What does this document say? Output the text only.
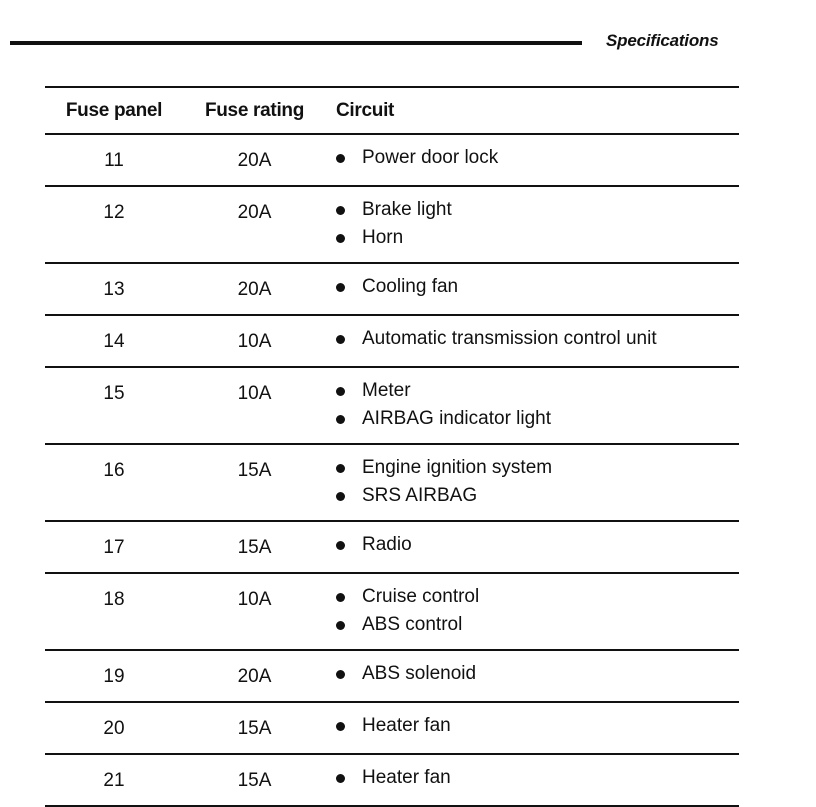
Specifications
Fuse panel	Fuse rating	Circuit
11	20A	Power door lock

12	20A	Brake light
Horn

13	20A	Cooling fan

14	10A	Automatic transmission control unit

15	10A	Meter
AIRBAG indicator light

16	15A	Engine ignition system
SRS AIRBAG

17	15A	Radio

18	10A	Cruise control
ABS control

19	20A	ABS solenoid

20	15A	Heater fan

21	15A	Heater fan
